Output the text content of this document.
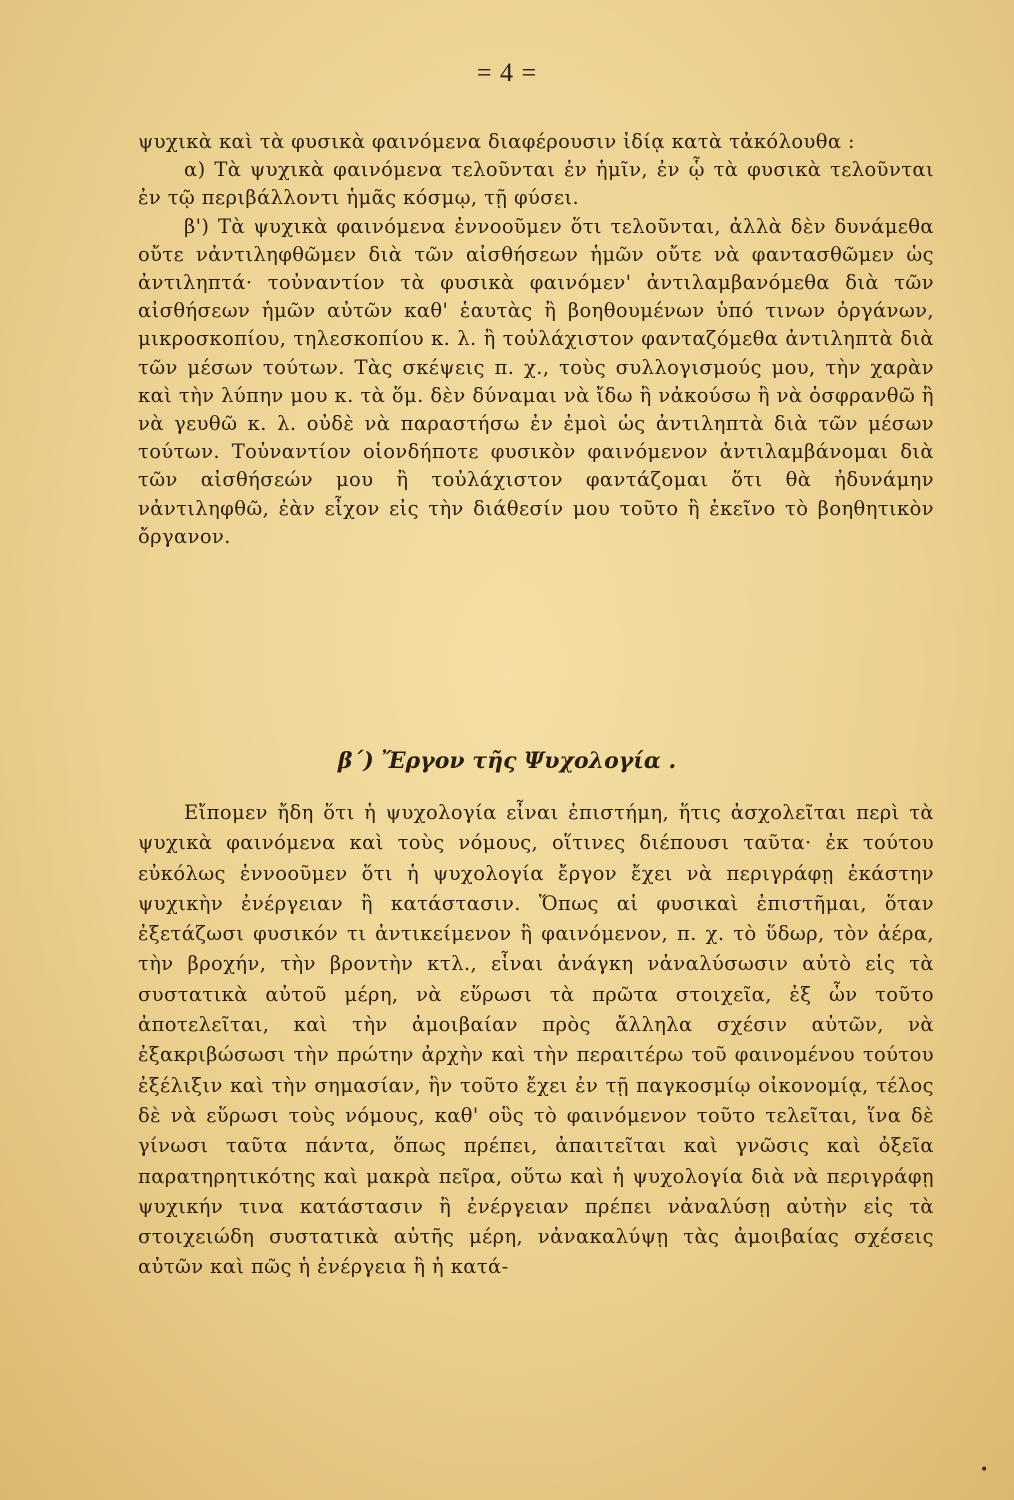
= 4 =

ψυχικὰ καὶ τὰ φυσικὰ φαινόμενα διαφέρουσιν ἰδίᾳ κατὰ τἀκόλουθα :

α) Τὰ ψυχικὰ φαινόμενα τελοῦνται ἐν ἡμῖν, ἐν ᾧ τὰ φυσικὰ τελοῦνται ἐν τῷ περιβάλλοντι ἡμᾶς κόσμῳ, τῇ φύσει.

β') Τὰ ψυχικὰ φαινόμενα ἐννοοῦμεν ὅτι τελοῦνται, ἀλλὰ δὲν δυνάμεθα οὔτε νἀντιληφθῶμεν διὰ τῶν αἰσθήσεων ἡμῶν οὔτε νὰ φαντασθῶμεν ὡς ἀντιληπτά· τοὐναντίον τὰ φυσικὰ φαινόμεν' ἀντιλαμβανόμεθα διὰ τῶν αἰσθήσεων ἡμῶν αὐτῶν καθ' ἑαυτὰς ἢ βοηθουμένων ὑπό τινων ὀργάνων, μικροσκοπίου, τηλεσκοπίου κ. λ. ἢ τοὐλάχιστον φανταζόμεθα ἀντιληπτὰ διὰ τῶν μέσων τούτων. Τὰς σκέψεις π. χ., τοὺς συλλογισμούς μου, τὴν χαρὰν καὶ τὴν λύπην μου κ. τὰ ὅμ. δὲν δύναμαι νὰ ἴδω ἢ νἀκούσω ἢ νὰ ὀσφρανθῶ ἢ νὰ γευθῶ κ. λ. οὐδὲ νὰ παραστήσω ἐν ἐμοὶ ὡς ἀντιληπτὰ διὰ τῶν μέσων τούτων. Τοὐναντίον οἱονδήποτε φυσικὸν φαινόμενον ἀντιλαμβάνομαι διὰ τῶν αἰσθήσεών μου ἢ τοὐλάχιστον φαντάζομαι ὅτι θὰ ἠδυνάμην νἀντιληφθῶ, ἐὰν εἶχον εἰς τὴν διάθεσίν μου τοῦτο ἢ ἐκεῖνο τὸ βοηθητικὸν ὄργανον.

β΄) Ἔργον τῆς Ψυχολογία .

Εἴπομεν ἤδη ὅτι ἡ ψυχολογία εἶναι ἐπιστήμη, ἥτις ἀσχολεῖται περὶ τὰ ψυχικὰ φαινόμενα καὶ τοὺς νόμους, οἵτινες διέπουσι ταῦτα· ἐκ τούτου εὐκόλως ἐννοοῦμεν ὅτι ἡ ψυχολογία ἔργον ἔχει νὰ περιγράφῃ ἑκάστην ψυχικὴν ἐνέργειαν ἢ κατάστασιν. Ὅπως αἱ φυσικαὶ ἐπιστῆμαι, ὅταν ἐξετάζωσι φυσικόν τι ἀντικείμενον ἢ φαινόμενον, π. χ. τὸ ὕδωρ, τὸν ἀέρα, τὴν βροχήν, τὴν βροντὴν κτλ., εἶναι ἀνάγκη νἀναλύσωσιν αὐτὸ εἰς τὰ συστατικὰ αὐτοῦ μέρη, νὰ εὕρωσι τὰ πρῶτα στοιχεῖα, ἐξ ὧν τοῦτο ἀποτελεῖται, καὶ τὴν ἀμοιβαίαν πρὸς ἄλληλα σχέσιν αὐτῶν, νὰ ἐξακριβώσωσι τὴν πρώτην ἀρχὴν καὶ τὴν περαιτέρω τοῦ φαινομένου τούτου ἐξέλιξιν καὶ τὴν σημασίαν, ἣν τοῦτο ἔχει ἐν τῇ παγκοσμίῳ οἰκονομίᾳ, τέλος δὲ νὰ εὕρωσι τοὺς νόμους, καθ' οὓς τὸ φαινόμενον τοῦτο τελεῖται, ἵνα δὲ γίνωσι ταῦτα πάντα, ὅπως πρέπει, ἀπαιτεῖται καὶ γνῶσις καὶ ὀξεῖα παρατηρητικότης καὶ μακρὰ πεῖρα, οὕτω καὶ ἡ ψυχολογία διὰ νὰ περιγράφῃ ψυχικήν τινα κατάστασιν ἢ ἐνέργειαν πρέπει νἀναλύσῃ αὐτὴν εἰς τὰ στοιχειώδη συστατικὰ αὐτῆς μέρη, νἀνακαλύψῃ τὰς ἀμοιβαίας σχέσεις αὐτῶν καὶ πῶς ἡ ἐνέργεια ἢ ἡ κατά-

•
